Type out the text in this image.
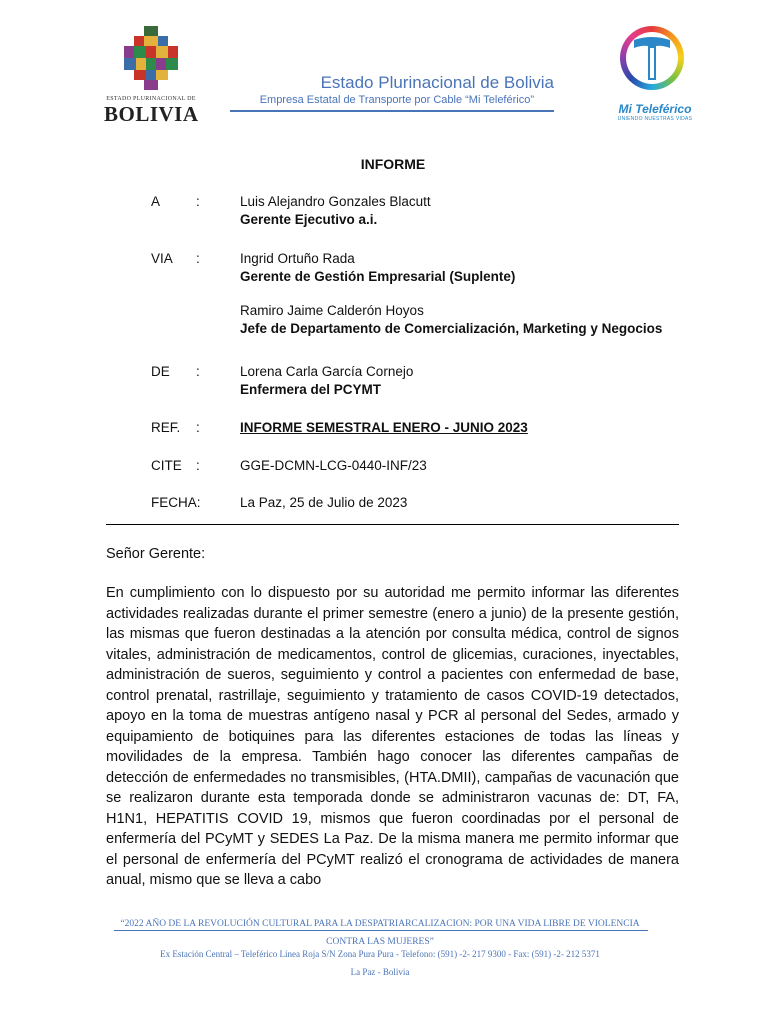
ESTADO PLURINACIONAL DE
BOLIVIA
Estado Plurinacional de Bolivia
Empresa Estatal de Transporte por Cable “Mi Teleférico”
Mi Teleférico
UNIENDO NUESTRAS VIDAS
INFORME
A	:	Luis Alejandro Gonzales Blacutt
Gerente Ejecutivo a.i.
VIA :	Ingrid Ortuño Rada
Gerente de Gestión Empresarial (Suplente)
Ramiro Jaime Calderón Hoyos
Jefe de Departamento de Comercialización, Marketing y Negocios
DE :	Lorena Carla García Cornejo
Enfermera del PCYMT
REF. :	INFORME SEMESTRAL ENERO - JUNIO 2023
CITE :	GGE-DCMN-LCG-0440-INF/23
FECHA:	La Paz, 25 de Julio de 2023
Señor Gerente:
En cumplimiento con lo dispuesto por su autoridad me permito informar las diferentes actividades realizadas durante el primer semestre (enero a junio) de la presente gestión, las mismas que fueron destinadas a la atención por consulta médica, control de signos vitales, administración de medicamentos, control de glicemias, curaciones, inyectables, administración de sueros, seguimiento y control a pacientes con enfermedad de base, control prenatal, rastrillaje, seguimiento y tratamiento de casos COVID-19 detectados, apoyo en la toma de muestras antígeno nasal y PCR al personal del Sedes, armado y equipamiento de botiquines para las diferentes estaciones de todas las líneas y movilidades de la empresa. También hago conocer las diferentes campañas de detección de enfermedades no transmisibles, (HTA.DMII), campañas de vacunación que se realizaron durante esta temporada donde se administraron vacunas de: DT, FA, H1N1, HEPATITIS COVID 19, mismos que fueron coordinadas por el personal de enfermería del PCyMT y SEDES La Paz. De la misma manera me permito informar que el personal de enfermería del PCyMT realizó el cronograma de actividades de manera anual, mismo que se lleva a cabo
“2022 AÑO DE LA REVOLUCIÓN CULTURAL PARA LA DESPATRIARCALIZACION: POR UNA VIDA LIBRE DE VIOLENCIA
CONTRA LAS MUJERES”
Ex Estación Central – Teleférico Línea Roja S/N Zona Pura Pura - Telefono: (591) -2- 217 9300 - Fax: (591) -2- 212 5371
La Paz - Bolivia
